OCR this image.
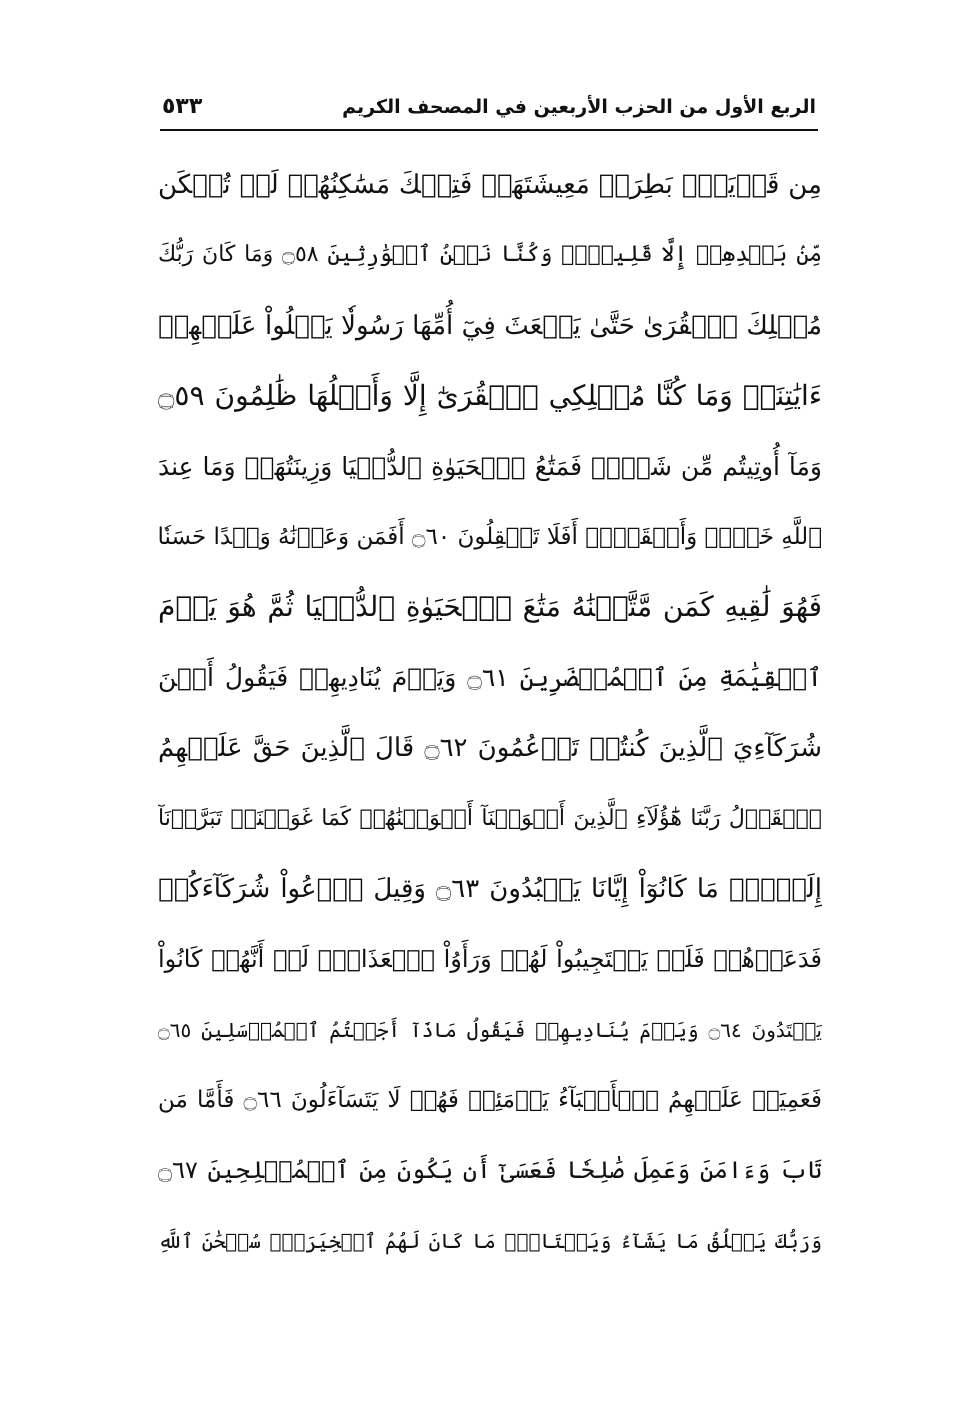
الربع الأول من الحزب الأربعين في المصحف الكريم
٥٣٣
مِن قَرۡيَةِۭ بَطِرَتۡ مَعِيشَتَهَاۖ فَتِلۡكَ مَسَٰكِنُهُمۡ لَمۡ تُسۡكَن
مِّنۢ بَعۡدِهِمۡ إِلَّا قَلِيلٗاۖ وَكُنَّا نَحۡنُ ٱلۡوَٰرِثِينَ ۝٥٨ وَمَا كَانَ رَبُّكَ
مُهۡلِكَ ٱلۡقُرَىٰ حَتَّىٰ يَبۡعَثَ فِيٓ أُمِّهَا رَسُولٗا يَتۡلُواْ عَلَيۡهِمۡ
ءَايَٰتِنَاۚ وَمَا كُنَّا مُهۡلِكِي ٱلۡقُرَىٰٓ إِلَّا وَأَهۡلُهَا ظَٰلِمُونَ ۝٥٩
وَمَآ أُوتِيتُم مِّن شَيۡءٖ فَمَتَٰعُ ٱلۡحَيَوٰةِ ٱلدُّنۡيَا وَزِينَتُهَاۚ وَمَا عِندَ
ٱللَّهِ خَيۡرٞ وَأَبۡقَىٰٓۚ أَفَلَا تَعۡقِلُونَ ۝٦٠ أَفَمَن وَعَدۡنَٰهُ وَعۡدًا حَسَنٗا
فَهُوَ لَٰقِيهِ كَمَن مَّتَّعۡنَٰهُ مَتَٰعَ ٱلۡحَيَوٰةِ ٱلدُّنۡيَا ثُمَّ هُوَ يَوۡمَ
ٱلۡقِيَٰمَةِ مِنَ ٱلۡمُحۡضَرِينَ ۝٦١ وَيَوۡمَ يُنَادِيهِمۡ فَيَقُولُ أَيۡنَ
شُرَكَآءِيَ ٱلَّذِينَ كُنتُمۡ تَزۡعُمُونَ ۝٦٢ قَالَ ٱلَّذِينَ حَقَّ عَلَيۡهِمُ
ٱلۡقَوۡلُ رَبَّنَا هَٰٓؤُلَآءِ ٱلَّذِينَ أَغۡوَيۡنَآ أَغۡوَيۡنَٰهُمۡ كَمَا غَوَيۡنَاۖ تَبَرَّأۡنَآ
إِلَيۡكَۖ مَا كَانُوٓاْ إِيَّانَا يَعۡبُدُونَ ۝٦٣ وَقِيلَ ٱدۡعُواْ شُرَكَآءَكُمۡ
فَدَعَوۡهُمۡ فَلَمۡ يَسۡتَجِيبُواْ لَهُمۡ وَرَأَوُاْ ٱلۡعَذَابَۚ لَوۡ أَنَّهُمۡ كَانُواْ
يَهۡتَدُونَ ۝٦٤ وَيَوۡمَ يُنَادِيهِمۡ فَيَقُولُ مَاذَآ أَجَبۡتُمُ ٱلۡمُرۡسَلِينَ ۝٦٥
فَعَمِيَتۡ عَلَيۡهِمُ ٱلۡأَنۢبَآءُ يَوۡمَئِذٖ فَهُمۡ لَا يَتَسَآءَلُونَ ۝٦٦ فَأَمَّا مَن
تَابَ وَءَامَنَ وَعَمِلَ صَٰلِحٗا فَعَسَىٰٓ أَن يَكُونَ مِنَ ٱلۡمُفۡلِحِينَ ۝٦٧
وَرَبُّكَ يَخۡلُقُ مَا يَشَآءُ وَيَخۡتَارُۗ مَا كَانَ لَهُمُ ٱلۡخِيَرَةُۚ سُبۡحَٰنَ ٱللَّهِ
